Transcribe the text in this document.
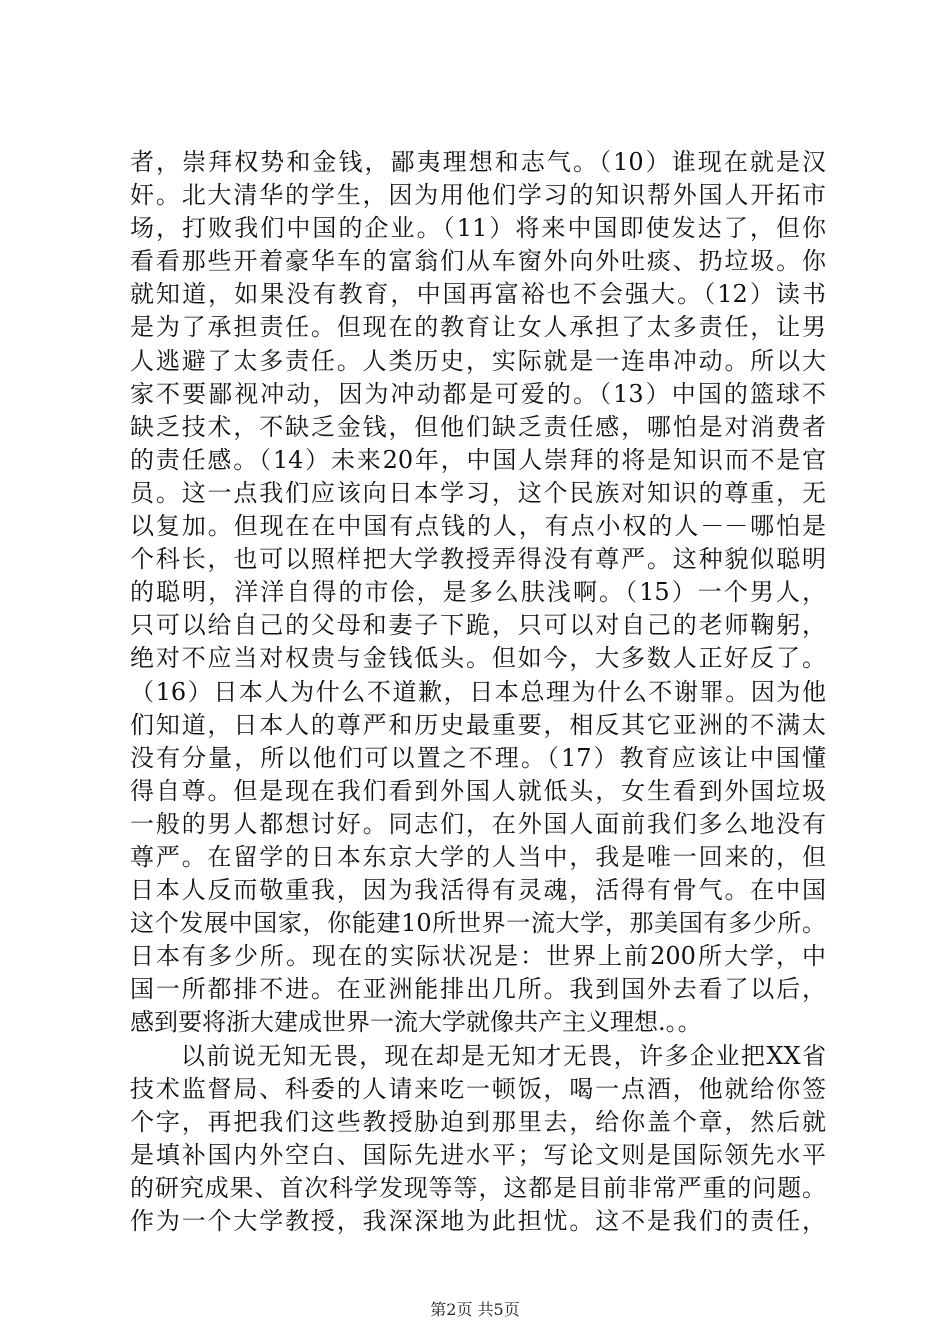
者，崇拜权势和金钱，鄙夷理想和志气。（10）谁现在就是汉
奸。北大清华的学生，因为用他们学习的知识帮外国人开拓市
场，打败我们中国的企业。（11）将来中国即使发达了，但你
看看那些开着豪华车的富翁们从车窗外向外吐痰、扔垃圾。你
就知道，如果没有教育，中国再富裕也不会强大。（12）读书
是为了承担责任。但现在的教育让女人承担了太多责任，让男
人逃避了太多责任。人类历史，实际就是一连串冲动。所以大
家不要鄙视冲动，因为冲动都是可爱的。（13）中国的篮球不
缺乏技术，不缺乏金钱，但他们缺乏责任感，哪怕是对消费者
的责任感。（14）未来20年，中国人崇拜的将是知识而不是官
员。这一点我们应该向日本学习，这个民族对知识的尊重，无
以复加。但现在在中国有点钱的人，有点小权的人－－哪怕是
个科长，也可以照样把大学教授弄得没有尊严。这种貌似聪明
的聪明，洋洋自得的市侩，是多么肤浅啊。（15）一个男人，
只可以给自己的父母和妻子下跪，只可以对自己的老师鞠躬，
绝对不应当对权贵与金钱低头。但如今，大多数人正好反了。
（16）日本人为什么不道歉，日本总理为什么不谢罪。因为他
们知道，日本人的尊严和历史最重要，相反其它亚洲的不满太
没有分量，所以他们可以置之不理。（17）教育应该让中国懂
得自尊。但是现在我们看到外国人就低头，女生看到外国垃圾
一般的男人都想讨好。同志们，在外国人面前我们多么地没有
尊严。在留学的日本东京大学的人当中，我是唯一回来的，但
日本人反而敬重我，因为我活得有灵魂，活得有骨气。在中国
这个发展中国家，你能建10所世界一流大学，那美国有多少所。
日本有多少所。现在的实际状况是：世界上前200所大学，中
国一所都排不进。在亚洲能排出几所。我到国外去看了以后，
感到要将浙大建成世界一流大学就像共产主义理想.。。
　　以前说无知无畏，现在却是无知才无畏，许多企业把XX省
技术监督局、科委的人请来吃一顿饭，喝一点酒，他就给你签
个字，再把我们这些教授胁迫到那里去，给你盖个章，然后就
是填补国内外空白、国际先进水平；写论文则是国际领先水平
的研究成果、首次科学发现等等，这都是目前非常严重的问题。
作为一个大学教授，我深深地为此担忧。这不是我们的责任，
第2页 共5页
